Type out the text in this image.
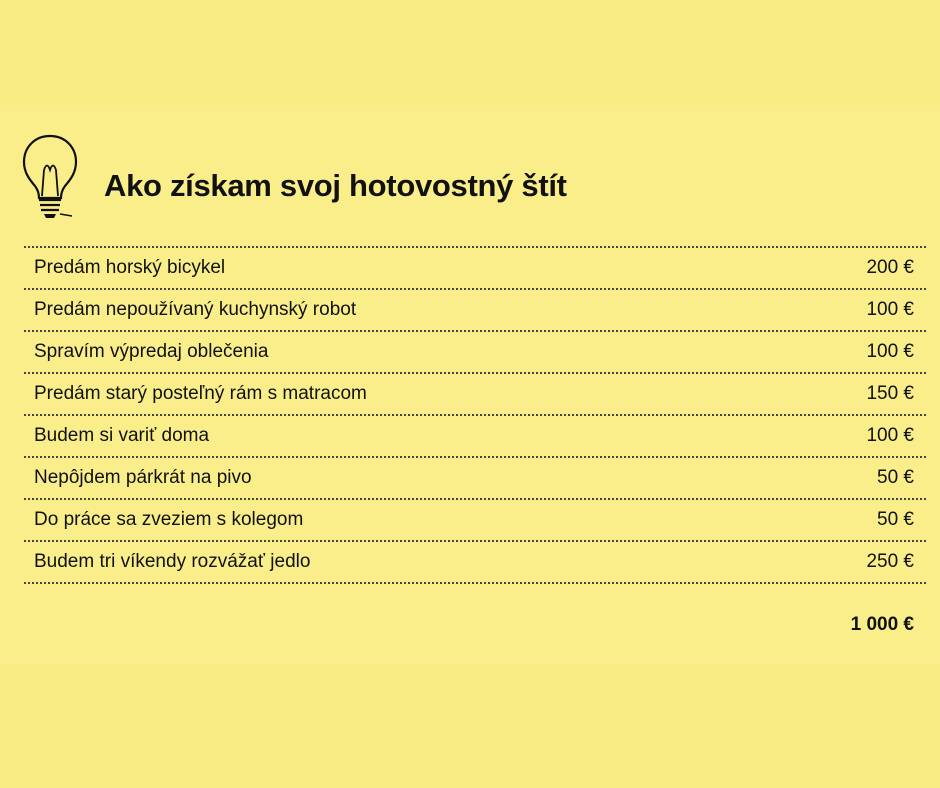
Ako získam svoj hotovostný štít
Predám horský bicykel	200 €
Predám nepoužívaný kuchynský robot	100 €
Spravím výpredaj oblečenia	100 €
Predám starý posteľný rám s matracom	150 €
Budem si variť doma	100 €
Nepôjdem párkrát na pivo	50 €
Do práce sa zveziem s kolegom	50 €
Budem tri víkendy rozvážať jedlo	250 €
1 000 €
